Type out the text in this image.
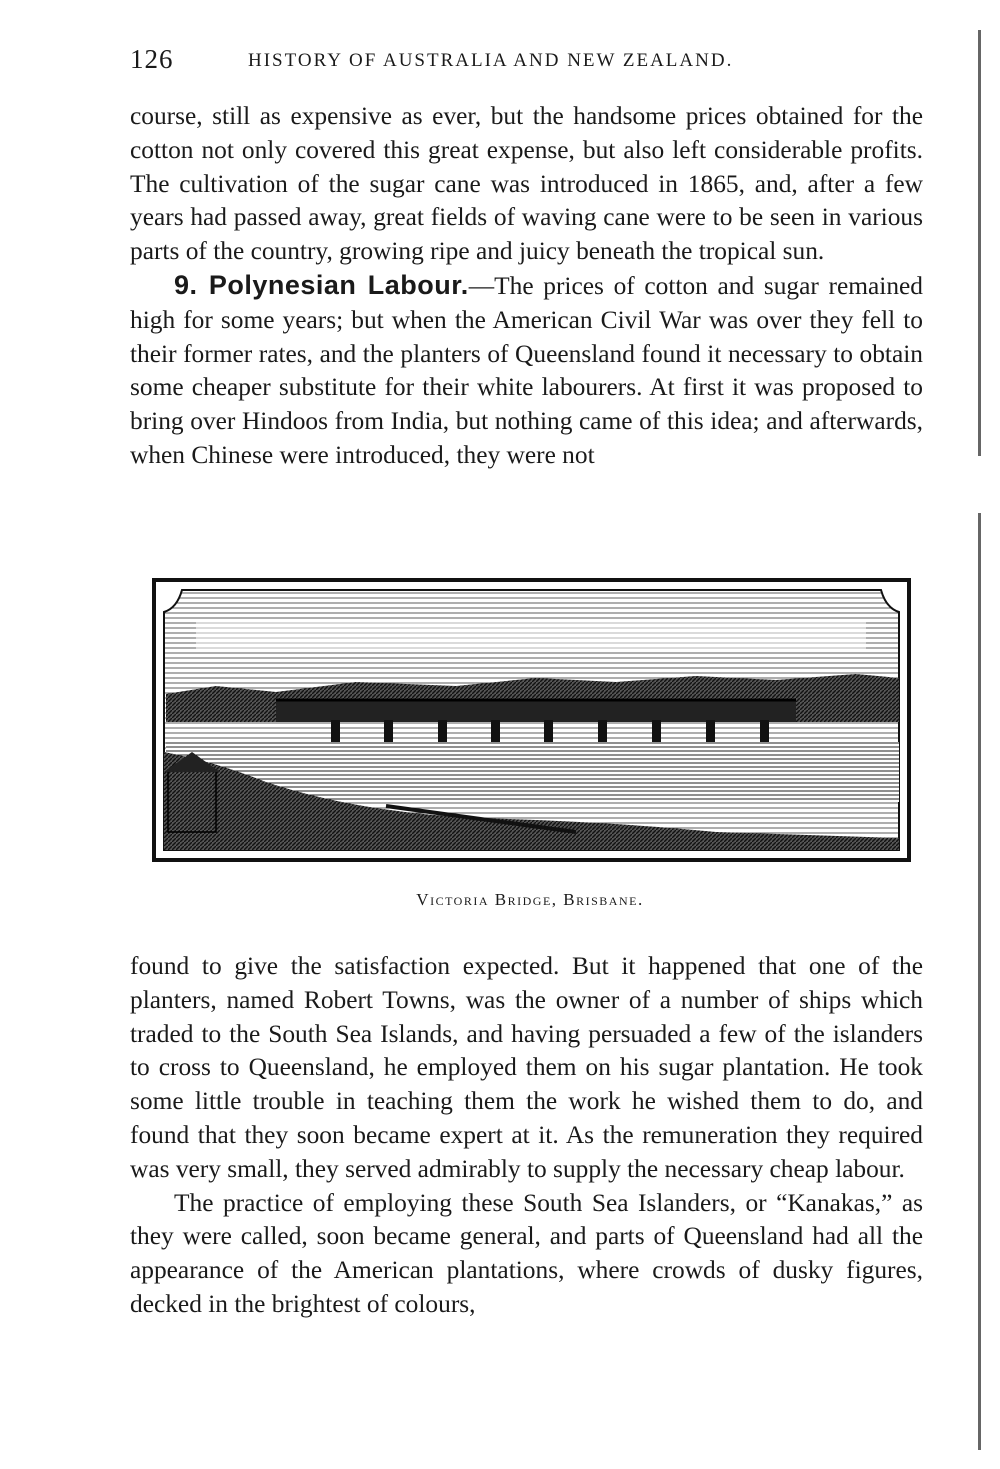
126	HISTORY OF AUSTRALIA AND NEW ZEALAND.

course, still as expensive as ever, but the handsome prices obtained for the cotton not only covered this great expense, but also left considerable profits. The cultivation of the sugar cane was introduced in 1865, and, after a few years had passed away, great fields of waving cane were to be seen in various parts of the country, growing ripe and juicy beneath the tropical sun.

9. Polynesian Labour.—The prices of cotton and sugar remained high for some years; but when the American Civil War was over they fell to their former rates, and the planters of Queensland found it necessary to obtain some cheaper substitute for their white labourers. At first it was proposed to bring over Hindoos from India, but nothing came of this idea; and afterwards, when Chinese were introduced, they were not

Victoria Bridge, Brisbane.

found to give the satisfaction expected. But it happened that one of the planters, named Robert Towns, was the owner of a number of ships which traded to the South Sea Islands, and having persuaded a few of the islanders to cross to Queensland, he employed them on his sugar plantation. He took some little trouble in teaching them the work he wished them to do, and found that they soon became expert at it. As the remuneration they required was very small, they served admirably to supply the necessary cheap labour.

The practice of employing these South Sea Islanders, or “Kanakas,” as they were called, soon became general, and parts of Queensland had all the appearance of the American plantations, where crowds of dusky figures, decked in the brightest of colours,
